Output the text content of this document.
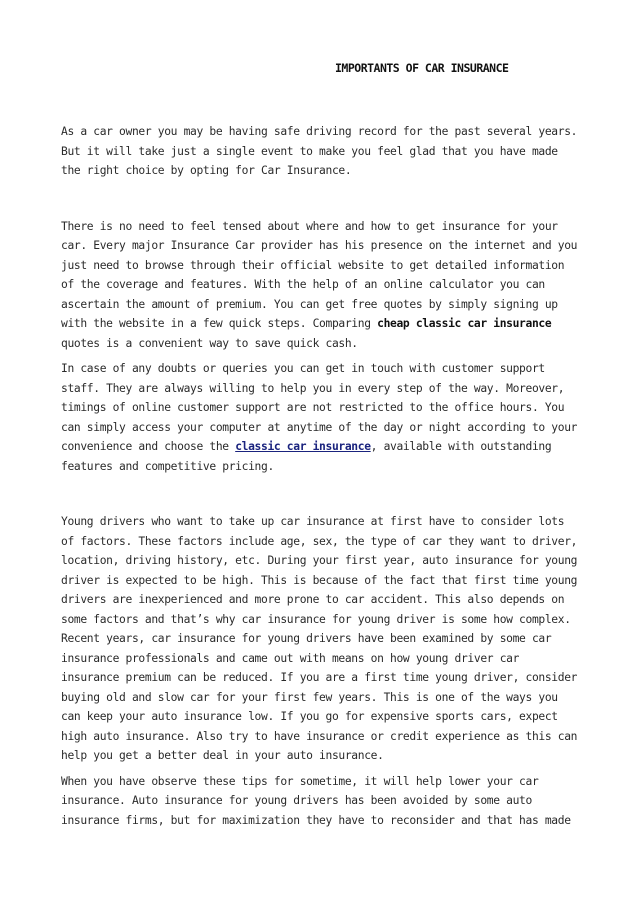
IMPORTANTS OF CAR INSURANCE

As a car owner you may be having safe driving record for the past several years. But it will take just a single event to make you feel glad that you have made the right choice by opting for Car Insurance.

There is no need to feel tensed about where and how to get insurance for your car. Every major Insurance Car provider has his presence on the internet and you just need to browse through their official website to get detailed information of the coverage and features. With the help of an online calculator you can ascertain the amount of premium. You can get free quotes by simply signing up with the website in a few quick steps. Comparing cheap classic car insurance quotes is a convenient way to save quick cash.

In case of any doubts or queries you can get in touch with customer support staff. They are always willing to help you in every step of the way. Moreover, timings of online customer support are not restricted to the office hours. You can simply access your computer at anytime of the day or night according to your convenience and choose the classic car insurance, available with outstanding features and competitive pricing.

Young drivers who want to take up car insurance at first have to consider lots of factors. These factors include age, sex, the type of car they want to driver, location, driving history, etc. During your first year, auto insurance for young driver is expected to be high. This is because of the fact that first time young drivers are inexperienced and more prone to car accident. This also depends on some factors and that’s why car insurance for young driver is some how complex. Recent years, car insurance for young drivers have been examined by some car insurance professionals and came out with means on how young driver car insurance premium can be reduced. If you are a first time young driver, consider buying old and slow car for your first few years. This is one of the ways you can keep your auto insurance low. If you go for expensive sports cars, expect high auto insurance. Also try to have insurance or credit experience as this can help you get a better deal in your auto insurance.

When you have observe these tips for sometime, it will help lower your car insurance. Auto insurance for young drivers has been avoided by some auto insurance firms, but for maximization they have to reconsider and that has made
